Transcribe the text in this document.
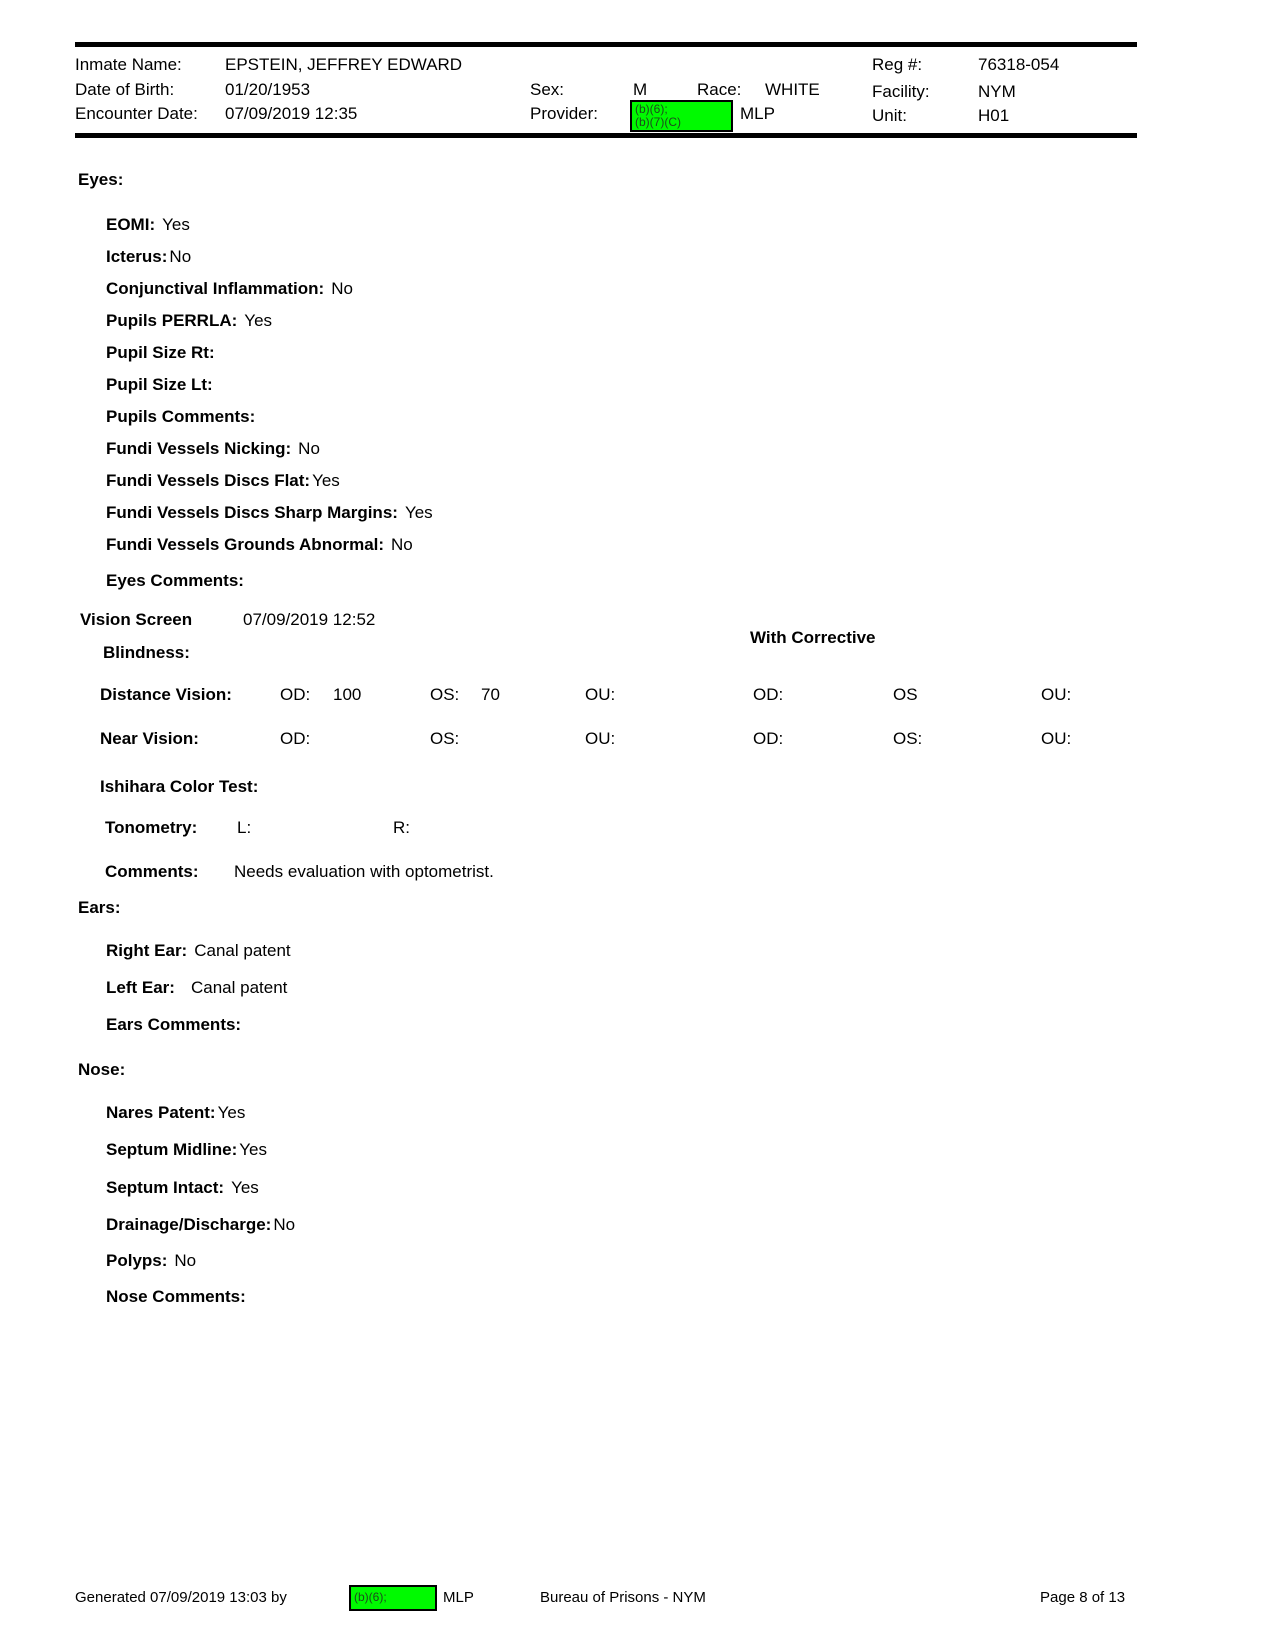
Inmate Name:	EPSTEIN, JEFFREY EDWARD	Reg #:	76318-054
Date of Birth:	01/20/1953	Sex:	M	Race: WHITE	Facility:	NYM
Encounter Date: 07/09/2019 12:35	Provider:	(b)(6);
(b)(7)(C)	MLP	Unit:	H01
Eyes:
EOMI: Yes
Icterus: No
Conjunctival Inflammation: No
Pupils PERRLA: Yes
Pupil Size Rt:
Pupil Size Lt:
Pupils Comments:
Fundi Vessels Nicking: No
Fundi Vessels Discs Flat: Yes
Fundi Vessels Discs Sharp Margins: Yes
Fundi Vessels Grounds Abnormal: No
Eyes Comments:
Vision Screen	07/09/2019 12:52
With Corrective
Blindness:
Distance Vision:	OD: 100	OS: 70	OU:	OD:	OS	OU:
Near Vision:	OD:	OS:	OU:	OD:	OS:	OU:
Ishihara Color Test:
Tonometry: L:	R:
Comments: Needs evaluation with optometrist.
Ears:
Right Ear: Canal patent
Left Ear: Canal patent
Ears Comments:
Nose:
Nares Patent: Yes
Septum Midline: Yes
Septum Intact: Yes
Drainage/Discharge: No
Polyps: No
Nose Comments:
Generated 07/09/2019 13:03 by	(b)(6);	MLP	Bureau of Prisons - NYM	Page 8 of 13
